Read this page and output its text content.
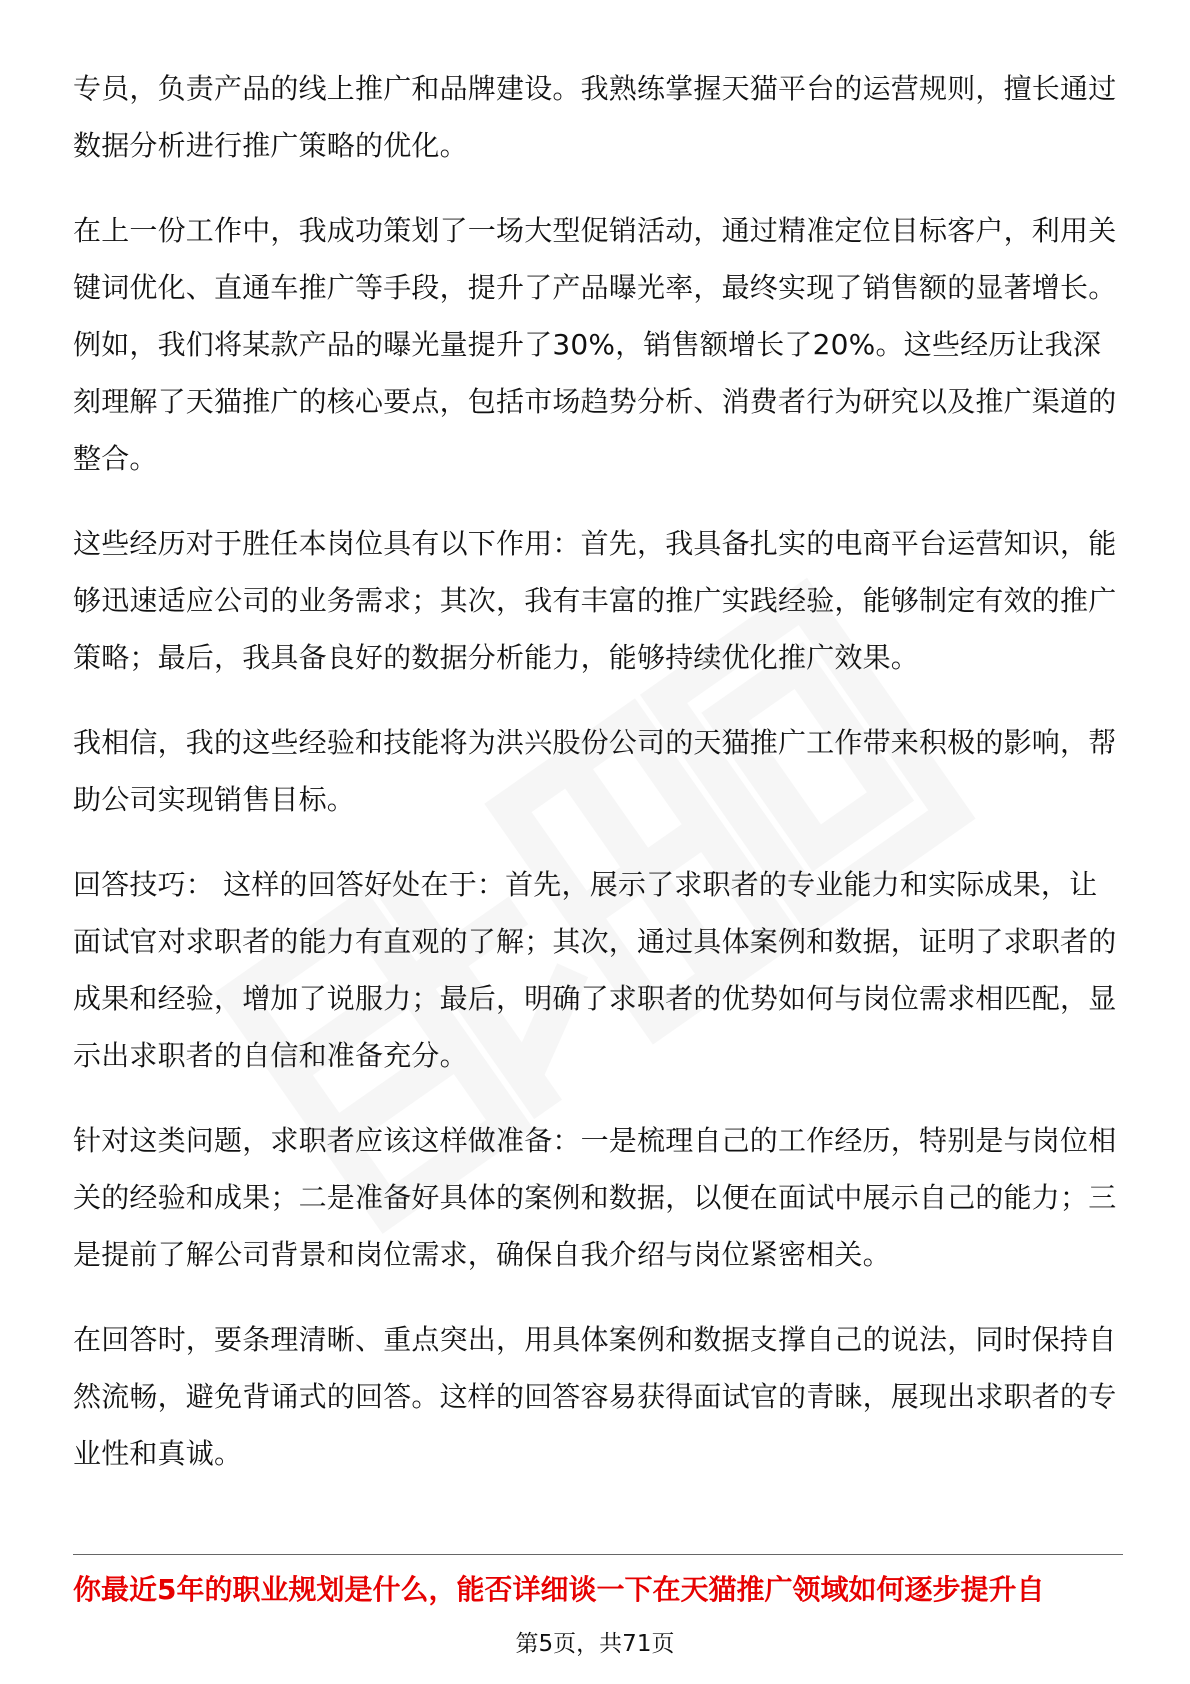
专员，负责产品的线上推广和品牌建设。我熟练掌握天猫平台的运营规则，擅长通过数据分析进行推广策略的优化。

在上一份工作中，我成功策划了一场大型促销活动，通过精准定位目标客户，利用关键词优化、直通车推广等手段，提升了产品曝光率，最终实现了销售额的显著增长。例如，我们将某款产品的曝光量提升了30%，销售额增长了20%。这些经历让我深刻理解了天猫推广的核心要点，包括市场趋势分析、消费者行为研究以及推广渠道的整合。

这些经历对于胜任本岗位具有以下作用：首先，我具备扎实的电商平台运营知识，能够迅速适应公司的业务需求；其次，我有丰富的推广实践经验，能够制定有效的推广策略；最后，我具备良好的数据分析能力，能够持续优化推广效果。

我相信，我的这些经验和技能将为洪兴股份公司的天猫推广工作带来积极的影响，帮助公司实现销售目标。

回答技巧： 这样的回答好处在于：首先，展示了求职者的专业能力和实际成果，让面试官对求职者的能力有直观的了解；其次，通过具体案例和数据，证明了求职者的成果和经验，增加了说服力；最后，明确了求职者的优势如何与岗位需求相匹配，显示出求职者的自信和准备充分。

针对这类问题，求职者应该这样做准备：一是梳理自己的工作经历，特别是与岗位相关的经验和成果；二是准备好具体的案例和数据，以便在面试中展示自己的能力；三是提前了解公司背景和岗位需求，确保自我介绍与岗位紧密相关。

在回答时，要条理清晰、重点突出，用具体案例和数据支撑自己的说法，同时保持自然流畅，避免背诵式的回答。这样的回答容易获得面试官的青睐，展现出求职者的专业性和真诚。

你最近5年的职业规划是什么，能否详细谈一下在天猫推广领域如何逐步提升自
第5页，共71页
